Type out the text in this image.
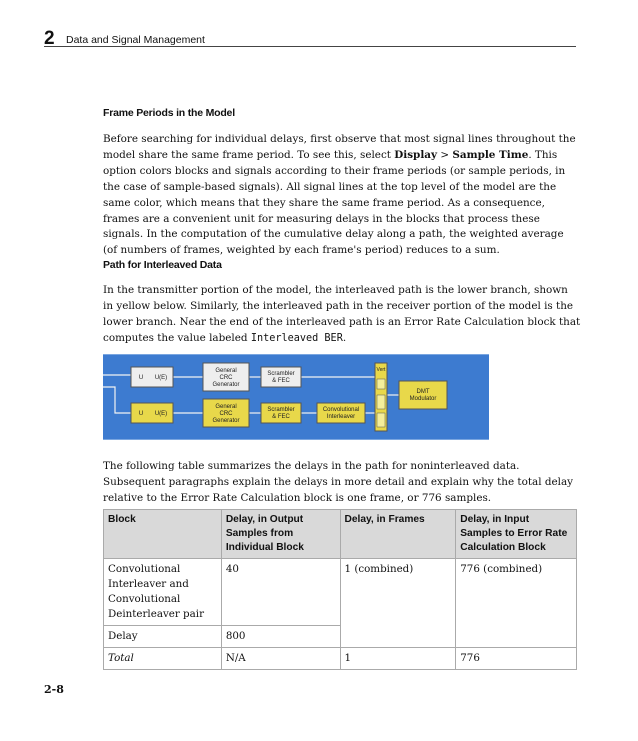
2 Data and Signal Management
Frame Periods in the Model
Before searching for individual delays, first observe that most signal lines throughout the model share the same frame period. To see this, select Display > Sample Time. This option colors blocks and signals according to their frame periods (or sample periods, in the case of sample-based signals). All signal lines at the top level of the model are the same color, which means that they share the same frame period. As a consequence, frames are a convenient unit for measuring delays in the blocks that process these signals. In the computation of the cumulative delay along a path, the weighted average (of numbers of frames, weighted by each frame's period) reduces to a sum.
Path for Interleaved Data
In the transmitter portion of the model, the interleaved path is the lower branch, shown in yellow below. Similarly, the interleaved path in the receiver portion of the model is the lower branch. Near the end of the interleaved path is an Error Rate Calculation block that computes the value labeled Interleaved BER.
U U(E)
U U(E)
General
CRC
Generator
General
CRC
Generator
Scrambler
& FEC
Scrambler
& FEC
Convolutional
Interleaver
Vert
DMT
Modulator
The following table summarizes the delays in the path for noninterleaved data. Subsequent paragraphs explain the delays in more detail and explain why the total delay relative to the Error Rate Calculation block is one frame, or 776 samples.
Block	Delay, in Output Samples from Individual Block	Delay, in Frames	Delay, in Input Samples to Error Rate Calculation Block
Convolutional Interleaver and Convolutional Deinterleaver pair	40	1 (combined)	776 (combined)
Delay	800		
Total	N/A	1	776
2-8
